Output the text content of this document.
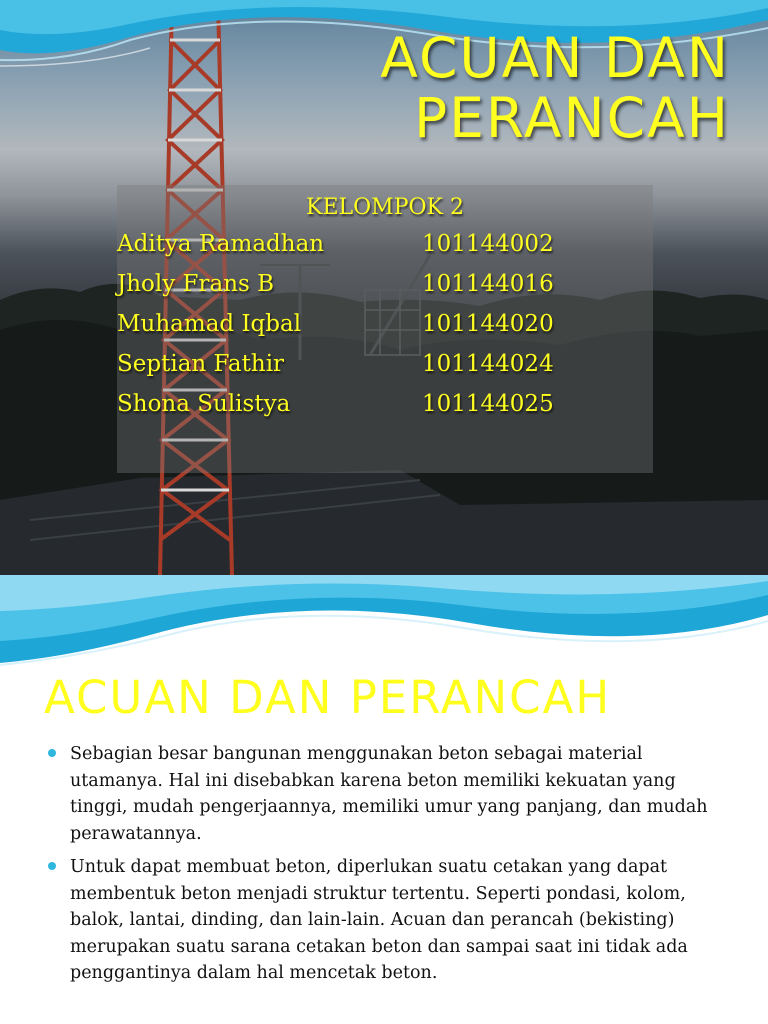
ACUAN DAN
PERANCAH
KELOMPOK 2
Aditya Ramadhan	101144002
Jholy Frans B	101144016
Muhamad Iqbal	101144020
Septian Fathir	101144024
Shona Sulistya	101144025
ACUAN DAN PERANCAH
Sebagian besar bangunan menggunakan beton sebagai material utamanya. Hal ini disebabkan karena beton memiliki kekuatan yang tinggi, mudah pengerjaannya, memiliki umur yang panjang, dan mudah perawatannya.
Untuk dapat membuat beton, diperlukan suatu cetakan yang dapat membentuk beton menjadi struktur tertentu. Seperti pondasi, kolom, balok, lantai, dinding, dan lain-lain. Acuan dan perancah (bekisting) merupakan suatu sarana cetakan beton dan sampai saat ini tidak ada penggantinya dalam hal mencetak beton.
